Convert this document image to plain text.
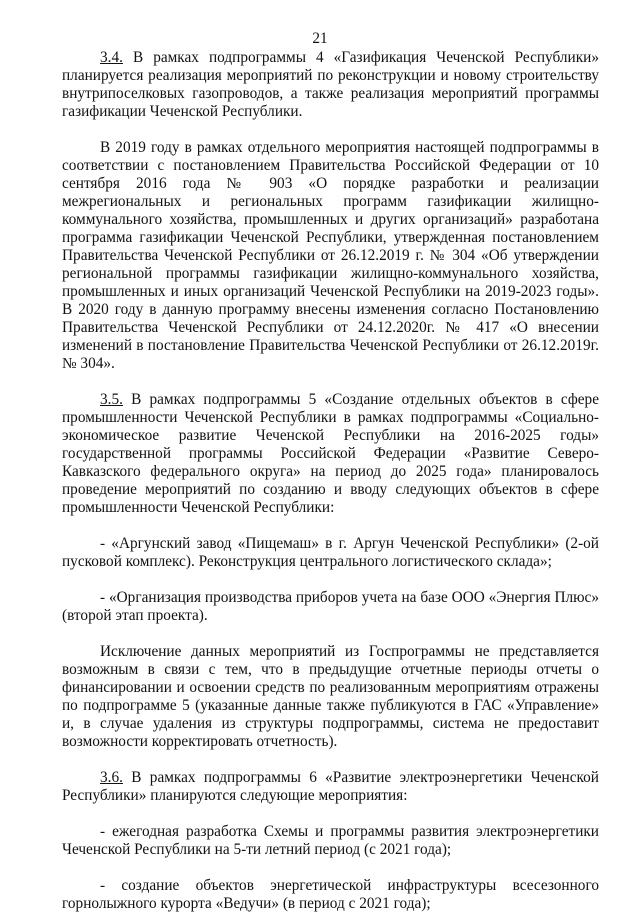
21

3.4. В рамках подпрограммы 4 «Газификация Чеченской Республики» планируется реализация мероприятий по реконструкции и новому строительству внутрипоселковых газопроводов, а также реализация мероприятий программы газификации Чеченской Республики.

В 2019 году в рамках отдельного мероприятия настоящей подпрограммы в соответствии с постановлением Правительства Российской Федерации от 10 сентября 2016 года № 903 «О порядке разработки и реализации межрегиональных и региональных программ газификации жилищно-коммунального хозяйства, промышленных и других организаций» разработана программа газификации Чеченской Республики, утвержденная постановлением Правительства Чеченской Республики от 26.12.2019 г. № 304 «Об утверждении региональной программы газификации жилищно-коммунального хозяйства, промышленных и иных организаций Чеченской Республики на 2019-2023 годы». В 2020 году в данную программу внесены изменения согласно Постановлению Правительства Чеченской Республики от 24.12.2020г. № 417 «О внесении изменений в постановление Правительства Чеченской Республики от 26.12.2019г. № 304».

3.5. В рамках подпрограммы 5 «Создание отдельных объектов в сфере промышленности Чеченской Республики в рамках подпрограммы «Социально-экономическое развитие Чеченской Республики на 2016-2025 годы» государственной программы Российской Федерации «Развитие Северо-Кавказского федерального округа» на период до 2025 года» планировалось проведение мероприятий по созданию и вводу следующих объектов в сфере промышленности Чеченской Республики:

- «Аргунский завод «Пищемаш» в г. Аргун Чеченской Республики» (2-ой пусковой комплекс). Реконструкция центрального логистического склада»;

- «Организация производства приборов учета на базе ООО «Энергия Плюс» (второй этап проекта).

Исключение данных мероприятий из Госпрограммы не представляется возможным в связи с тем, что в предыдущие отчетные периоды отчеты о финансировании и освоении средств по реализованным мероприятиям отражены по подпрограмме 5 (указанные данные также публикуются в ГАС «Управление» и, в случае удаления из структуры подпрограммы, система не предоставит возможности корректировать отчетность).

3.6. В рамках подпрограммы 6 «Развитие электроэнергетики Чеченской Республики» планируются следующие мероприятия:

- ежегодная разработка Схемы и программы развития электроэнергетики Чеченской Республики на 5-ти летний период (с 2021 года);

- создание объектов энергетической инфраструктуры всесезонного горнолыжного курорта «Ведучи» (в период с 2021 года);
